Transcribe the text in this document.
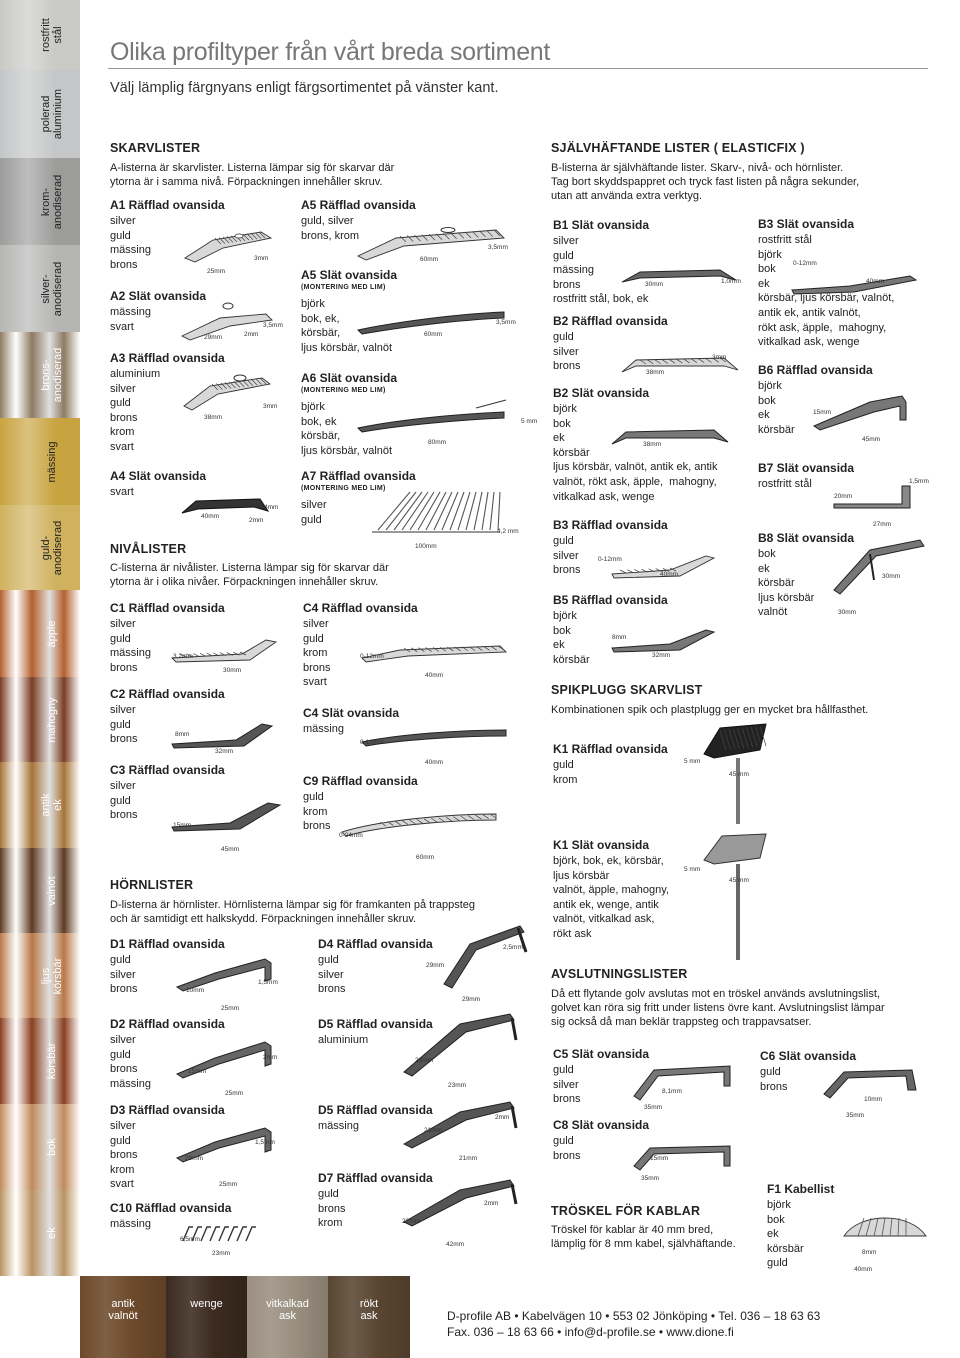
rostfritt
stål
polerad
aluminium
krom-
anodiserad
silver-
anodiserad
brons-
anodiserad
mässing
guld-
anodiserad
äpple
mahogny
antik
ek
valnöt
ljus
körsbär
körsbär
bok
ek
Olika profiltyper från vårt breda sortiment
Välj lämplig färgnyans enligt färgsortimentet på vänster kant.
SKARVLISTER
A-listerna är skarvlister. Listerna lämpar sig för skarvar där
ytorna är i samma nivå. Förpackningen innehåller skruv.
NIVÅLISTER
C-listerna är nivålister. Listerna lämpar sig för skarvar där
ytorna är i olika nivåer. Förpackningen innehåller skruv.
HÖRNLISTER
D-listerna är hörnlister. Hörnlisterna lämpar sig för framkanten på trappsteg
och är samtidigt ett halkskydd. Förpackningen innehåller skruv.
SJÄLVHÄFTANDE LISTER ( ELASTICFIX )
B-listerna är självhäftande lister. Skarv-, nivå- och hörnlister.
Tag bort skyddspappret och tryck fast listen på några sekunder,
utan att använda extra verktyg.
SPIKPLUGG SKARVLIST
Kombinationen spik och plastplugg ger en mycket bra hållfasthet.
AVSLUTNINGSLISTER
Då ett flytande golv avslutas mot en tröskel används avslutningslist,
golvet kan röra sig fritt under listens övre kant. Avslutningslist lämpar
sig också då man beklär trappsteg och trappavsatser.
TRÖSKEL FÖR KABLAR
Tröskel för kablar är 40 mm bred,
lämplig för 8 mm kabel, självhäftande.
A1 Räfflad ovansida
silver
guld
mässing
brons
A2 Slät ovansida
mässing
svart
A3 Räfflad ovansida
aluminium
silver
guld
brons
krom
svart
A4 Slät ovansida
svart
A5 Räfflad ovansida
guld, silver
brons, krom
A5 Slät ovansida
(MONTERING MED LIM)
björk
bok, ek,
körsbär,
ljus körsbär, valnöt
A6 Slät ovansida
(MONTERING MED LIM)
björk
bok, ek
körsbär,
ljus körsbär, valnöt
A7 Räfflad ovansida
(MONTERING MED LIM)
silver
guld
C1 Räfflad ovansida
silver
guld
mässing
brons
C2 Räfflad ovansida
silver
guld
brons
C3 Räfflad ovansida
silver
guld
brons
C4 Räfflad ovansida
silver
guld
krom
brons
svart
C4 Slät ovansida
mässing
C9 Räfflad ovansida
guld
krom
brons
D1 Räfflad ovansida
guld
silver
brons
D2 Räfflad ovansida
silver
guld
brons
mässing
D3 Räfflad ovansida
silver
guld
brons
krom
svart
C10 Räfflad ovansida
mässing
D4 Räfflad ovansida
guld
silver
brons
D5 Räfflad ovansida
aluminium
D5 Räfflad ovansida
mässing
D7 Räfflad ovansida
guld
brons
krom
B1 Slät ovansida
silver
guld
mässing
brons
rostfritt stål, bok, ek
B2 Räfflad ovansida
guld
silver
brons
B2 Slät ovansida
björk
bok
ek
körsbär
ljus körsbär, valnöt, antik ek, antik
valnöt, rökt ask, äpple,  mahogny,
vitkalkad ask, wenge
B3 Räfflad ovansida
guld
silver
brons
B5 Räfflad ovansida
björk
bok
ek
körsbär
B3 Slät ovansida
rostfritt stål
björk
bok
ek
körsbär, ljus körsbär, valnöt,
antik ek, antik valnöt,
rökt ask, äpple,  mahogny,
vitkalkad ask, wenge
B6 Räfflad ovansida
björk
bok
ek
körsbär
B7 Slät ovansida
rostfritt stål
B8 Slät ovansida
bok
ek
körsbär
ljus körsbär
valnöt
K1 Räfflad ovansida
guld
krom
K1 Slät ovansida
björk, bok, ek, körsbär,
ljus körsbär
valnöt, äpple, mahogny,
antik ek, wenge, antik
valnöt, vitkalkad ask,
rökt ask
C5 Slät ovansida
guld
silver
brons
C6 Slät ovansida
guld
brons
C8 Slät ovansida
guld
brons
F1 Kabellist
björk
bok
ek
körsbär
guld
25mm
3mm
29mm
3,5mm
2mm
38mm
3mm
40mm
4mm
2mm
60mm
3,5mm
60mm
3,5mm
80mm
5 mm
100mm
4,2 mm
3,2mm
30mm
8mm
32mm
15mm
45mm
0-12mm
40mm
0-12mm
40mm
0-24mm
60mm
10mm
25mm
1,5mm
15mm
25mm
2mm
20mm
25mm
1,5mm
6,5mm
23mm
29mm
29mm
2,5mm
23mm
23mm
21mm
21mm
2mm
22mm
42mm
2mm
30mm	1,0mm
38mm
3mm
38mm
0-12mm
40mm
8mm
32mm
0-12mm
40mm
15mm
45mm
20mm
1,5mm
27mm
30mm
30mm
5 mm
45 mm
5 mm
45 mm
8,1mm
35mm
10mm
35mm
15mm
35mm
8mm
40mm
antik
valnöt
wenge	vitkalkad
ask
rökt
ask	D-profile AB • Kabelvägen 10 • 553 02 Jönköping • Tel. 036 – 18 63 63
Fax. 036 – 18 63 66 • info@d-profile.se • www.dione.fi
